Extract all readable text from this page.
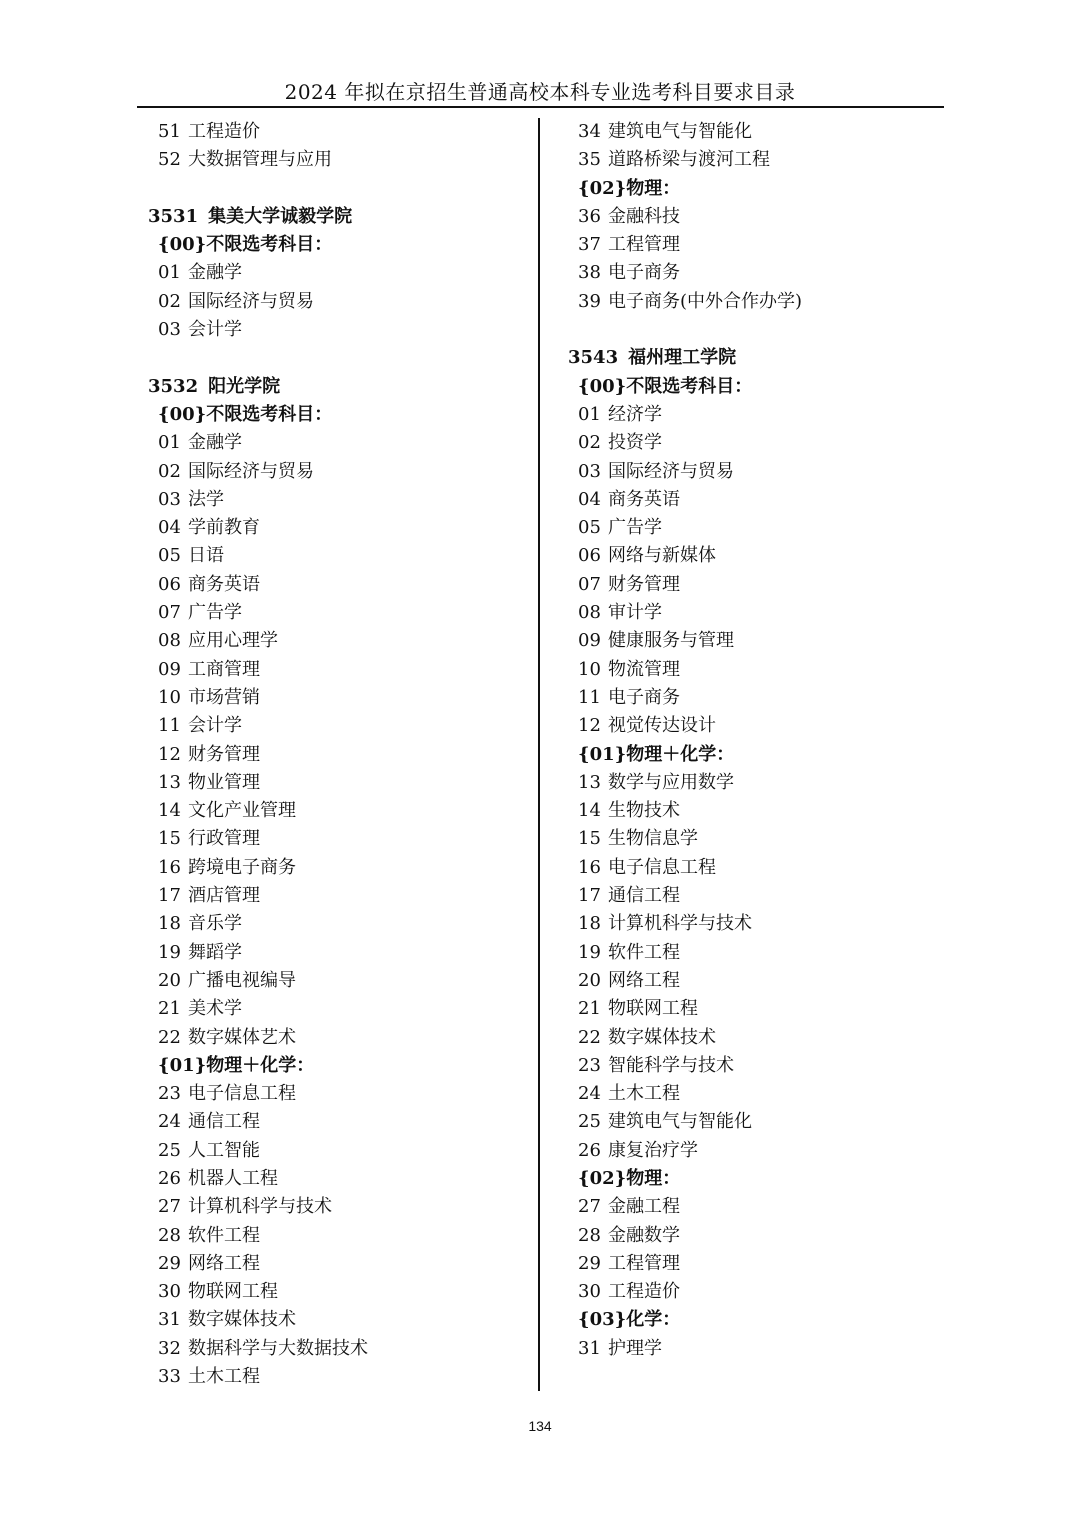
2024 年拟在京招生普通高校本科专业选考科目要求目录
51 工程造价
52 大数据管理与应用
3531 集美大学诚毅学院
{00}不限选考科目：
01 金融学
02 国际经济与贸易
03 会计学
3532 阳光学院
{00}不限选考科目：
01 金融学
02 国际经济与贸易
03 法学
04 学前教育
05 日语
06 商务英语
07 广告学
08 应用心理学
09 工商管理
10 市场营销
11 会计学
12 财务管理
13 物业管理
14 文化产业管理
15 行政管理
16 跨境电子商务
17 酒店管理
18 音乐学
19 舞蹈学
20 广播电视编导
21 美术学
22 数字媒体艺术
{01}物理＋化学：
23 电子信息工程
24 通信工程
25 人工智能
26 机器人工程
27 计算机科学与技术
28 软件工程
29 网络工程
30 物联网工程
31 数字媒体技术
32 数据科学与大数据技术
33 土木工程
34 建筑电气与智能化
35 道路桥梁与渡河工程
{02}物理：
36 金融科技
37 工程管理
38 电子商务
39 电子商务(中外合作办学)
3543 福州理工学院
{00}不限选考科目：
01 经济学
02 投资学
03 国际经济与贸易
04 商务英语
05 广告学
06 网络与新媒体
07 财务管理
08 审计学
09 健康服务与管理
10 物流管理
11 电子商务
12 视觉传达设计
{01}物理＋化学：
13 数学与应用数学
14 生物技术
15 生物信息学
16 电子信息工程
17 通信工程
18 计算机科学与技术
19 软件工程
20 网络工程
21 物联网工程
22 数字媒体技术
23 智能科学与技术
24 土木工程
25 建筑电气与智能化
26 康复治疗学
{02}物理：
27 金融工程
28 金融数学
29 工程管理
30 工程造价
{03}化学：
31 护理学
134
